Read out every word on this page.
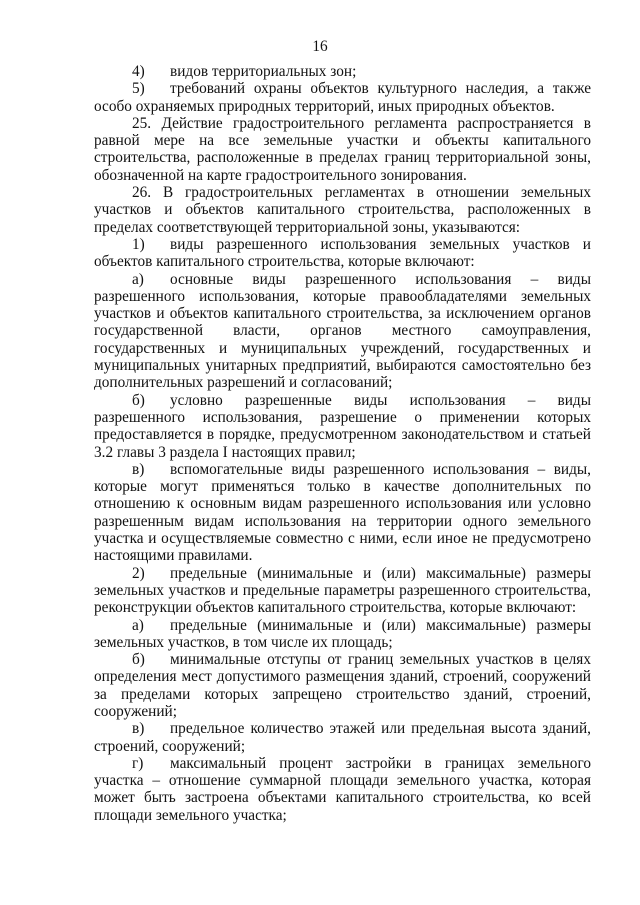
16

4) видов территориальных зон;

5) требований охраны объектов культурного наследия, а также особо охраняемых природных территорий, иных природных объектов.

25. Действие градостроительного регламента распространяется в равной мере на все земельные участки и объекты капитального строительства, расположенные в пределах границ территориальной зоны, обозначенной на карте градостроительного зонирования.

26. В градостроительных регламентах в отношении земельных участков и объектов капитального строительства, расположенных в пределах соответствующей территориальной зоны, указываются:

1) виды разрешенного использования земельных участков и объектов капитального строительства, которые включают:

а) основные виды разрешенного использования – виды разрешенного использования, которые правообладателями земельных участков и объектов капитального строительства, за исключением органов государственной власти, органов местного самоуправления, государственных и муниципальных учреждений, государственных и муниципальных унитарных предприятий, выбираются самостоятельно без дополнительных разрешений и согласований;

б) условно разрешенные виды использования – виды разрешенного использования, разрешение о применении которых предоставляется в порядке, предусмотренном законодательством и статьей 3.2 главы 3 раздела I настоящих правил;

в) вспомогательные виды разрешенного использования – виды, которые могут применяться только в качестве дополнительных по отношению к основным видам разрешенного использования или условно разрешенным видам использования на территории одного земельного участка и осуществляемые совместно с ними, если иное не предусмотрено настоящими правилами.

2) предельные (минимальные и (или) максимальные) размеры земельных участков и предельные параметры разрешенного строительства, реконструкции объектов капитального строительства, которые включают:

а) предельные (минимальные и (или) максимальные) размеры земельных участков, в том числе их площадь;

б) минимальные отступы от границ земельных участков в целях определения мест допустимого размещения зданий, строений, сооружений за пределами которых запрещено строительство зданий, строений, сооружений;

в) предельное количество этажей или предельная высота зданий, строений, сооружений;

г) максимальный процент застройки в границах земельного участка – отношение суммарной площади земельного участка, которая может быть застроена объектами капитального строительства, ко всей площади земельного участка;
